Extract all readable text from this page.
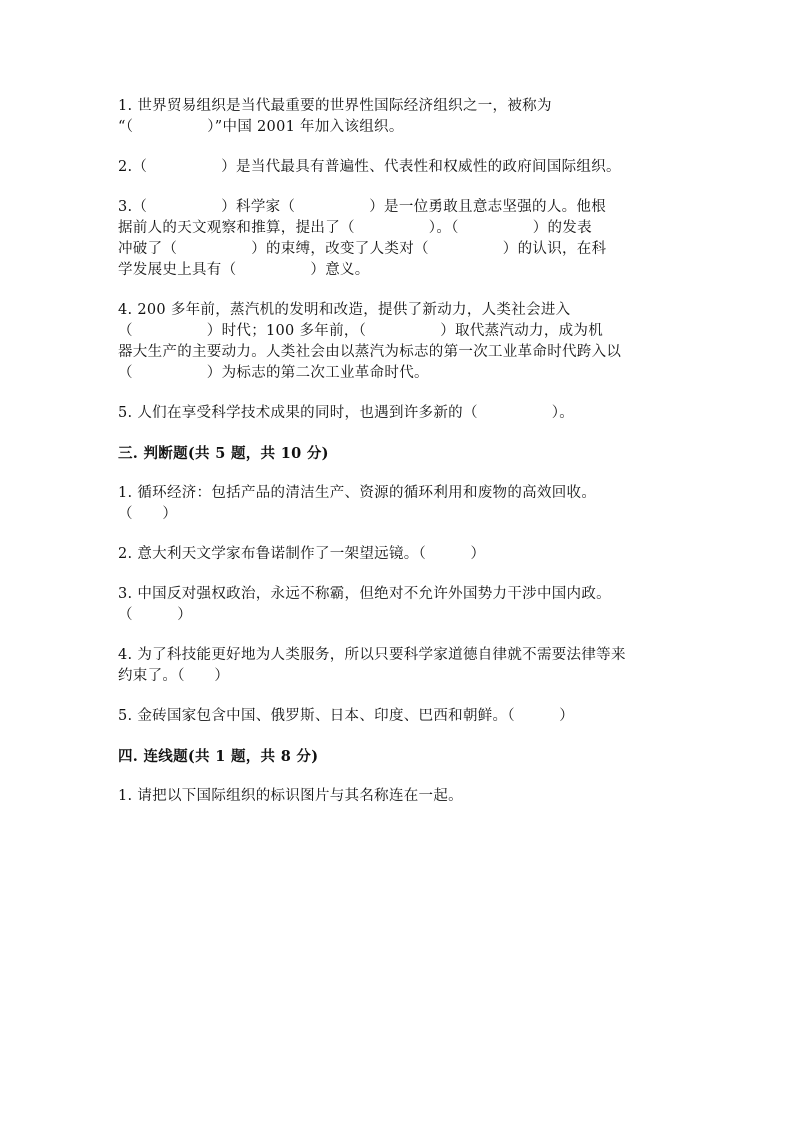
1. 世界贸易组织是当代最重要的世界性国际经济组织之一，被称为

“（　　　　　）”中国 2001 年加入该组织。

2.（　　　　　）是当代最具有普遍性、代表性和权威性的政府间国际组织。

3.（　　　　　）科学家（　　　　　）是一位勇敢且意志坚强的人。他根

据前人的天文观察和推算，提出了（　　　　　）。（　　　　　）的发表

冲破了（　　　　　）的束缚，改变了人类对（　　　　　）的认识，在科

学发展史上具有（　　　　　）意义。

4. 200 多年前，蒸汽机的发明和改造，提供了新动力，人类社会进入

（　　　　　）时代；100 多年前，（　　　　　）取代蒸汽动力，成为机

器大生产的主要动力。人类社会由以蒸汽为标志的第一次工业革命时代跨入以

（　　　　　）为标志的第二次工业革命时代。

5. 人们在享受科学技术成果的同时，也遇到许多新的（　　　　　）。

三. 判断题(共 5 题，共 10 分)

1. 循环经济：包括产品的清洁生产、资源的循环利用和废物的高效回收。

（　　）

2. 意大利天文学家布鲁诺制作了一架望远镜。（　　　）

3. 中国反对强权政治，永远不称霸，但绝对不允许外国势力干涉中国内政。

（　　　）

4. 为了科技能更好地为人类服务，所以只要科学家道德自律就不需要法律等来

约束了。（　　）

5. 金砖国家包含中国、俄罗斯、日本、印度、巴西和朝鲜。（　　　）

四. 连线题(共 1 题，共 8 分)

1. 请把以下国际组织的标识图片与其名称连在一起。
